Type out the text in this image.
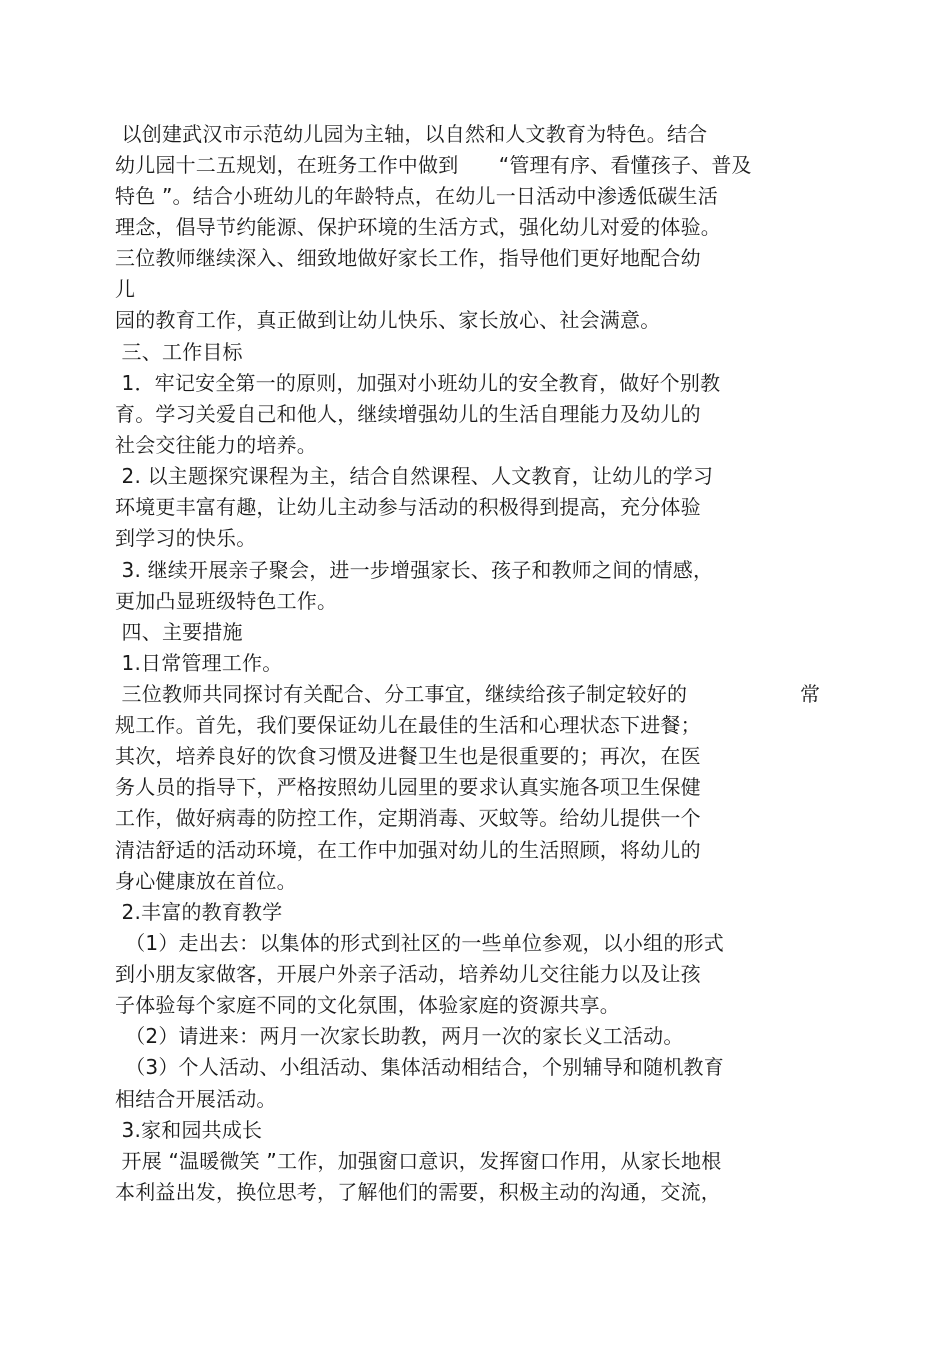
以创建武汉市示范幼儿园为主轴，以自然和人文教育为特色。结合
幼儿园十二五规划，在班务工作中做到　　“管理有序、看懂孩子、普及
特色 ”。结合小班幼儿的年龄特点，在幼儿一日活动中渗透低碳生活
理念，倡导节约能源、保护环境的生活方式，强化幼儿对爱的体验。
三位教师继续深入、细致地做好家长工作，指导他们更好地配合幼
儿
园的教育工作，真正做到让幼儿快乐、家长放心、社会满意。
三、工作目标
1．牢记安全第一的原则，加强对小班幼儿的安全教育，做好个别教
育。学习关爱自己和他人，继续增强幼儿的生活自理能力及幼儿的
社会交往能力的培养。
2. 以主题探究课程为主，结合自然课程、人文教育，让幼儿的学习
环境更丰富有趣，让幼儿主动参与活动的积极得到提高，充分体验
到学习的快乐。
3. 继续开展亲子聚会，进一步增强家长、孩子和教师之间的情感，
更加凸显班级特色工作。
四、主要措施
1.日常管理工作。
三位教师共同探讨有关配合、分工事宜，继续给孩子制定较好的	常
规工作。首先，我们要保证幼儿在最佳的生活和心理状态下进餐；
其次，培养良好的饮食习惯及进餐卫生也是很重要的；再次，在医
务人员的指导下，严格按照幼儿园里的要求认真实施各项卫生保健
工作，做好病毒的防控工作，定期消毒、灭蚊等。给幼儿提供一个
清洁舒适的活动环境，在工作中加强对幼儿的生活照顾，将幼儿的
身心健康放在首位。
2.丰富的教育教学
　（1）走出去：以集体的形式到社区的一些单位参观，以小组的形式
到小朋友家做客，开展户外亲子活动，培养幼儿交往能力以及让孩
子体验每个家庭不同的文化氛围，体验家庭的资源共享。
　（2）请进来：两月一次家长助教，两月一次的家长义工活动。
　（3）个人活动、小组活动、集体活动相结合，个别辅导和随机教育
相结合开展活动。
3.家和园共成长
开展 “温暖微笑 ”工作，加强窗口意识，发挥窗口作用，从家长地根
本利益出发，换位思考，了解他们的需要，积极主动的沟通，交流，
